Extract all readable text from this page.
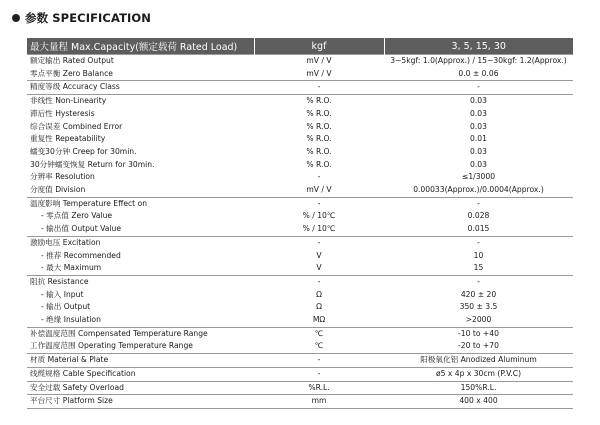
参数 SPECIFICATION
最大量程 Max.Capacity(额定载荷 Rated Load)	kgf	3, 5, 15, 30
额定输出 Rated Output	mV / V	3~5kgf: 1.0(Approx.) / 15~30kgf: 1.2(Approx.)
零点平衡 Zero Balance	mV / V	0.0 ± 0.06
精度等级 Accuracy Class	-	-
非线性 Non-Linearity	% R.O.	0.03
滞后性 Hysteresis	% R.O.	0.03
综合误差 Combined Error	% R.O.	0.03
重复性 Repeatability	% R.O.	0.01
蠕变30分钟 Creep for 30min.	% R.O.	0.03
30分钟蠕变恢复 Return for 30min.	% R.O.	0.03
分辨率 Resolution	-	≤1/3000
分度值 Division	mV / V	0.00033(Approx.)/0.0004(Approx.)
温度影响 Temperature Effect on	-	-
- 零点值 Zero Value	% / 10℃	0.028
- 输出值 Output Value	% / 10℃	0.015
激励电压 Excitation	-	-
- 推荐 Recommended	V	10
- 最大 Maximum	V	15
阻抗 Resistance	-	-
- 输入 Input	Ω	420 ± 20
- 输出 Output	Ω	350 ± 3.5
- 绝缘 Insulation	MΩ	>2000
补偿温度范围 Compensated Temperature Range	℃	-10 to +40
工作温度范围 Operating Temperature Range	℃	-20 to +70
材质 Material & Plate	-	阳极氧化铝 Anodized Aluminum
线缆规格 Cable Specification	-	ø5 x 4p x 30cm (P.V.C)
安全过载 Safety Overload	%R.L.	150%R.L.
平台尺寸 Platform Size	mm	400 x 400
